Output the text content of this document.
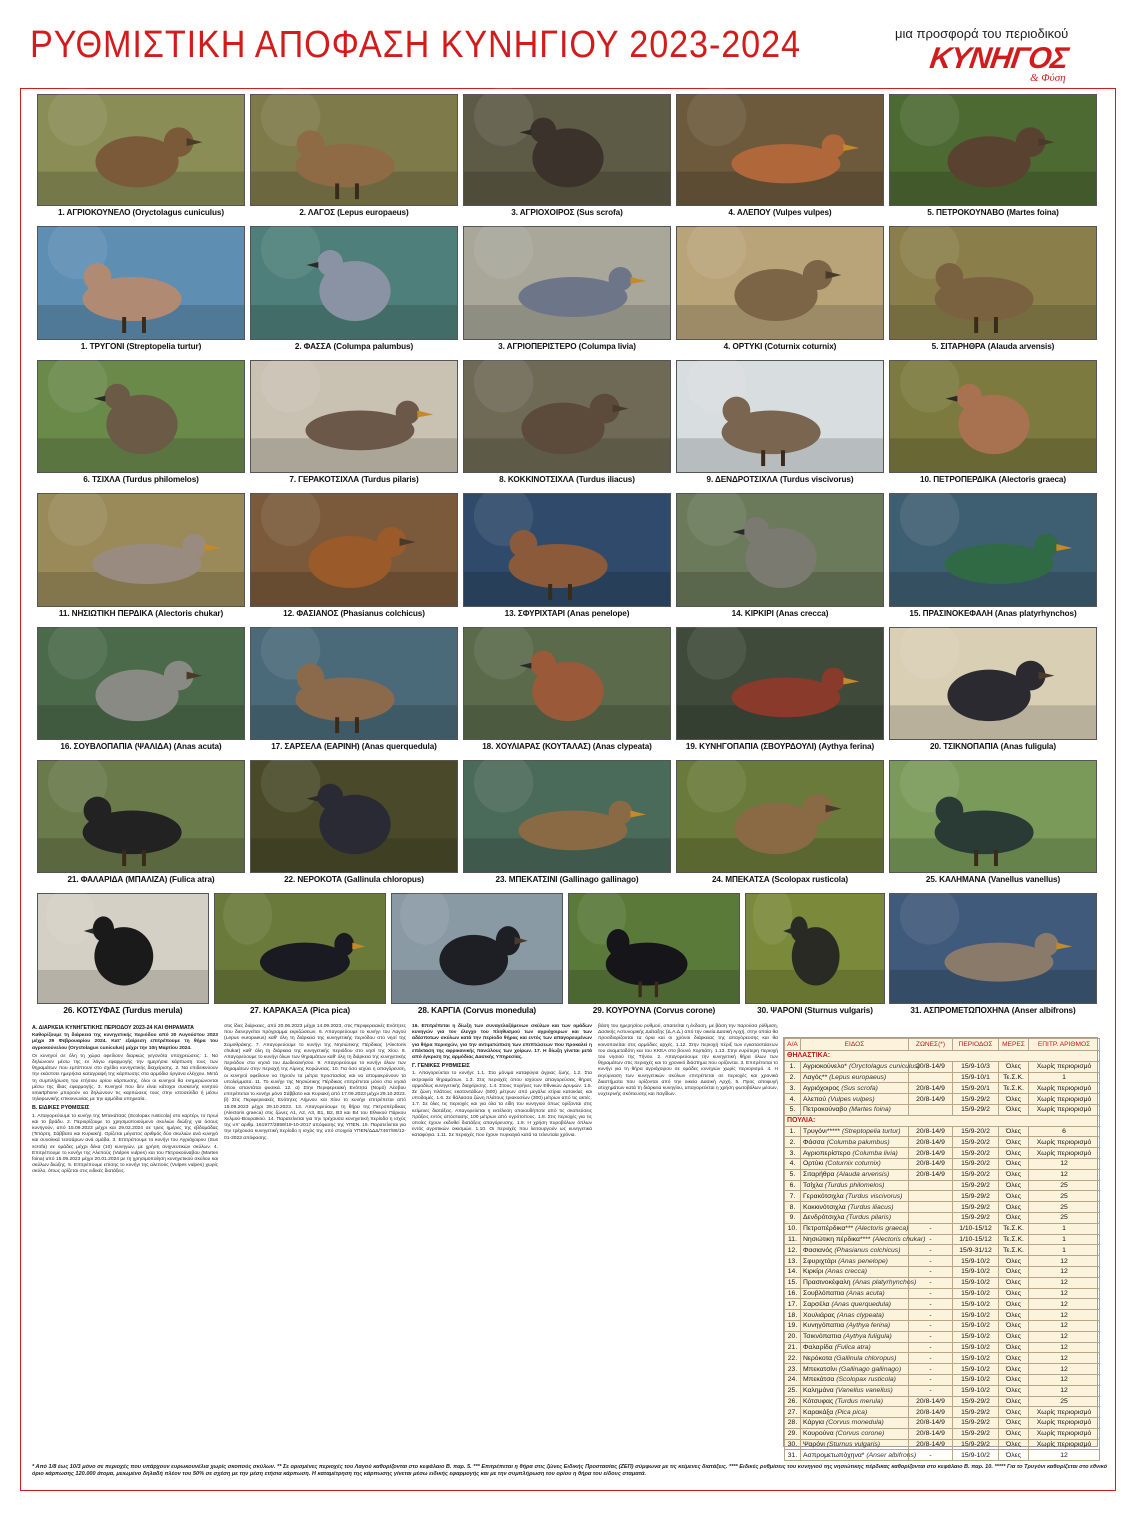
ΡΥΘΜΙΣΤΙΚΗ ΑΠΟΦΑΣΗ ΚΥΝΗΓΙΟΥ 2023-2024	μια προσφορά του περιοδικού
ΚΥΝΗΓΟΣ
& Φύση
1. ΑΓΡΙΟΚΟΥΝΕΛΟ (Oryctolagus cuniculus)	2. ΛΑΓΟΣ (Lepus europaeus)	3. ΑΓΡΙΟΧΟΙΡΟΣ (Sus scrofa)	4. ΑΛΕΠΟΥ (Vulpes vulpes)	5. ΠΕΤΡΟΚΟΥΝΑΒΟ (Martes foina)
1. ΤΡΥΓΟΝΙ (Streptopelia turtur)	2. ΦΑΣΣΑ (Columpa palumbus)	3. ΑΓΡΙΟΠΕΡΙΣΤΕΡΟ (Columpa livia)	4. ΟΡΤΥΚΙ (Coturnix coturnix)	5. ΣΙΤΑΡΗΘΡΑ (Alauda arvensis)
6. ΤΣΙΧΛΑ (Turdus philomelos)	7. ΓΕΡΑΚΟΤΣΙΧΛΑ (Turdus pilaris)	8. ΚΟΚΚΙΝΟΤΣΙΧΛΑ (Turdus iliacus)	9. ΔΕΝΔΡΟΤΣΙΧΛΑ (Turdus viscivorus)	10. ΠΕΤΡΟΠΕΡΔΙΚΑ (Alectoris graeca)
11. ΝΗΣΙΩΤΙΚΗ ΠΕΡΔΙΚΑ (Alectoris chukar)	12. ΦΑΣΙΑΝΟΣ (Phasianus colchicus)	13. ΣΦΥΡΙΧΤΑΡΙ (Anas penelope)	14. ΚΙΡΚΙΡΙ (Anas crecca)	15. ΠΡΑΣΙΝΟΚΕΦΑΛΗ (Anas platyrhynchos)
16. ΣΟΥΒΛΟΠΑΠΙΑ (ΨΑΛΙΔΑ) (Anas acuta)	17. ΣΑΡΣΕΛΑ (ΕΑΡΙΝΗ) (Anas querquedula)	18. ΧΟΥΛΙΑΡΑΣ (ΚΟΥΤΑΛΑΣ) (Anas clypeata)	19. ΚΥΝΗΓΟΠΑΠΙΑ (ΣΒΟΥΡΔΟΥΛΙ) (Aythya ferina)	20. ΤΣΙΚΝΟΠΑΠΙΑ (Anas fuligula)
21. ΦΑΛΑΡΙΔΑ (ΜΠΑΛΙΖΑ) (Fulica atra)	22. ΝΕΡΟΚΟΤΑ (Gallinula chloropus)	23. ΜΠΕΚΑΤΣΙΝΙ (Gallinago gallinago)	24. ΜΠΕΚΑΤΣΑ (Scolopax rusticola)	25. ΚΑΛΗΜΑΝΑ (Vanellus vanellus)
26. ΚΟΤΣΥΦΑΣ (Turdus merula)	27. ΚΑΡΑΚΑΞΑ (Pica pica)	28. ΚΑΡΓΙΑ (Corvus monedula)	29. ΚΟΥΡΟΥΝΑ (Corvus corone)	30. ΨΑΡΟΝΙ (Sturnus vulgaris)	31. ΑΣΠΡΟΜΕΤΩΠΟΧΗΝΑ (Anser albifrons)
Α. ΔΙΑΡΚΕΙΑ ΚΥΝΗΓΕΤΙΚΗΣ ΠΕΡΙΟΔΟΥ 2023-24 ΚΑΙ ΘΗΡΑΜΑΤΑ

Καθορίζουμε τη διάρκεια της κυνηγετικής περιόδου από 20 Αυγούστου 2023 μέχρι 29 Φεβρουαρίου 2024. Κατ' εξαίρεση επιτρέπουμε τη θήρα του αγριοκούνελου (Oryctolagus cuniculus) μέχρι την 10η Μαρτίου 2024.

Οι κυνηγοί σε όλη τη χώρα οφείλουν διαρκώς γεγονότα υποχρεώσεις: 1. Να δηλώνουν μέσω της εν λόγω εφαρμογής την ημερήσια κάρπωση τους των θηραμάτων που εμπίπτουν στο σχέδιο κυνηγετικής διαχείρισης. 2. Να επιδεικνύουν την εκάστοτε ημερήσια καταγραφή της κάρπωσης στα αρμόδια όργανα ελέγχου. Μετά τη συμπλήρωση του ετήσιου ορίου κάρπωσης, όλοι οι κυνηγοί θα ενημερώνονται μέσω της ίδιας εφαρμογής. 3. Κυνηγοί που δεν είναι κάτοχοι συσκευής κινητού smartphone μπορούν να δηλώνουν τις καρπώσεις τους στην ιστοσελίδα ή μέσω τηλεφωνικής επικοινωνίας με την αρμόδια υπηρεσία.

Β. ΕΙΔΙΚΕΣ ΡΥΘΜΙΣΕΙΣ

1. Απαγορεύουμε το κυνήγι της Μπεκάτσας (Scolopax rusticola) στο καρτέρι, το πρωί και το βράδυ. 2. Περιορίζουμε το χρησιμοποιούμενο σκυλιών διώξης για όσους κυνηγούν, από 15.09.2023 μέχρι και 29.02.2024 σε τρεις ημέρες της εβδομάδας (Τετάρτη, Σάββατο και Κυριακή). Ορίζεται μέγιστος αριθμός δύο σκυλιών ανά κυνηγό και συνολικά τεσσάρων ανά ομάδα. 3. Επιτρέπουμε το κυνήγι του Αγριόχοιρου (Sus scrofa) σε ομάδες μέχρι δέκα (10) κυνηγών, με χρήση ανιχνευτικών σκύλων. 4. Επιτρέπουμε το κυνήγι της Αλεπούς (Vulpes vulpes) και του Πετροκούναβου (Martes foina) από 15.09.2023 μέχρι 20.01.2024 με τη χρησιμοποίηση κυνηγετικού σκύλου και σκύλων διώξης. 5. Επιτρέπουμε επίσης το κυνήγι της αλεπούς (Vulpes vulpes) χωρίς σκύλο, όπως ορίζεται στις ειδικές διατάξεις.

στις ίδιες διάρκειες, από 20.06.2023 μέχρι 14.09.2023, στις Περιφερειακές Ενότητες που διενεργείται πρόγραμμα εκριζώσεων. 6. Απαγορεύουμε το κυνήγι του Λαγού (Lepus europaeus) καθ' όλη τη διάρκεια της κυνηγετικής περιόδου στο νησί της Σαμοθράκης. 7. Απαγορεύουμε το κυνήγι της Νησιώτικης Πέρδικας (Alectoris chukar) καθ' όλη τη διάρκεια της κυνηγετικής περιόδου στο νησί της Χίου. 8. Απαγορεύουμε το κυνήγι όλων των θηραμάτων καθ' όλη τη διάρκεια της κυνηγετικής περιόδου στα νησιά του Δωδεκανήσου. 9. Απαγορεύουμε το κυνήγι όλων των θηραμάτων στην περιοχή της Λίμνης Κορώνειας. 10. Για όσο ισχύει η απαγόρευση, οι κυνηγοί οφείλουν να τηρούν τα μέτρα προστασίας και να απομακρύνουν τα υπολείμματα. 11. Το κυνήγι της Νησιώτικης Πέρδικας επιτρέπεται μόνο στα νησιά όπου απαντάται φυσικά. 12. α) Στην Περιφερειακή Ενότητα (Νομό) Λέσβου επιτρέπεται το κυνήγι μόνο Σάββατο και Κυριακή από 17.09.2023 μέχρι 29.10.2023. β) Στις Περιφερειακές Ενότητες Λήμνου και Χίου το κυνήγι επιτρέπεται από 15.09.2023 μέχρι 29.10.2023. 13. Απαγορεύουμε τη θήρα της Πετροπέρδικας (Alectoris graeca) στις ζώνες Α1, Α2, Α3, Β1, Β2, Β3 και Β4 του Εθνικού Πάρκου Χελμού-Βουραϊκού. 14. Παρατείνεται για την τρέχουσα κυνηγετική περίοδο η ισχύς της υπ' αριθμ. 161977/2659/19-10-2017 απόφασης της ΥΠΕΝ. 15. Παρατείνεται για την τρέχουσα κυνηγετική περίοδο η ισχύς της υπό στοιχεία ΥΠΕΝ/ΔΔΔ/7467/86/12-01-2022 απόφασης.

16. Επιτρέπεται η δίωξη των συναγελαζόμενων σκύλων και των ομάδων κυνηγών για τον έλεγχο του πληθυσμού των αγριόχοιρων και των αδέσποτων σκύλων κατά την περίοδο θήρας και εντός των απαγορευμένων για θήρα περιοχών, για την αντιμετώπιση των επιπτώσεων που προκαλεί η επέκταση της αφρικανικής πανώλους των χοίρων. 17. Η δίωξη γίνεται μετά από έγκριση της αρμόδιας Δασικής Υπηρεσίας.

Γ. ΓΕΝΙΚΕΣ ΡΥΘΜΙΣΕΙΣ

1. Απαγορεύεται το κυνήγι: 1.1. Στα μόνιμα καταφύγια άγριας ζωής. 1.2. Στα εκτροφεία θηραμάτων. 1.3. Στις περιοχές όπου ισχύουν απαγορεύσεις θήρας αρμοδίως κυνηγετικής διαχείρισης. 1.4. Στους πυρήνες των Εθνικών Δρυμών. 1.5. Σε ζώνη πλάτους εκατοντάδων (500) μέτρων από μεγάλα κτίρια κατοικίας και υποδομές. 1.6. Σε θάλασσα ζώνη πλάτους τριακοσίων (300) μέτρων από τις ακτές. 1.7. Σε όλες τις περιοχές και για όλα τα είδη του κυνηγιού όπως ορίζονται στις κείμενες διατάξεις. Απαγορεύεται η εκτέλεση οποιουδήποτε από τις σκοπεύσεις πράξεις εντός απόστασης 100 μέτρων από υγρότοπους. 1.8. Στις περιοχές για τις οποίες έχουν εκδοθεί διατάξεις απαγόρευσης. 1.9. Η χρήση πυροβόλων όπλων εντός αγροτικών οικισμών. 1.10. Οι περιοχές που λειτουργούν ως κυνηγετικά καταφύγια. 1.11. Σε περιοχές που έχουν πυρκαγιά κατά τα τελευταία χρόνια.

βάση του ημερησίου ρυθμού, απαιτείται η έκδοση, με βάση την παρούσα ρύθμιση, Δασικής Αστυνομικής Διάταξης (Δ.Α.Δ.) από την οικεία Δασική Αρχή, στην οποία θα προσδιορίζονται τα όρια και οι χρόνοι διάρκειας της απαγόρευσης και θα κοινοποιείται στις αρμόδιες αρχές. 1.12. Στην περιοχή πέριξ των εγκαταστάσεων του αναμεταδότη και του ΚΚΕΑ στο βουνό Χορτιάτη. 1.13. Στην ευρύτερη περιοχή του νησιού της Τήνου. 2. Απαγορεύουμε την κυνηγετική θήρα όλων των θηραμάτων στις περιοχές και το χρονικό διάστημα που ορίζονται. 3. Επιτρέπεται το κυνήγι για τη θήρα αγριόχοιρου σε ομάδες κυνηγών χωρίς περιορισμό. 4. Η εκγύμναση των κυνηγετικών σκύλων επιτρέπεται σε περιοχές και χρονικά διαστήματα που ορίζονται από την οικεία Δασική Αρχή. 5. Προς αποφυγή ατυχημάτων κατά τη διάρκεια κυνηγίου, απαγορεύεται η χρήση φωτοβόλων μέσων, νυχτερινής σκόπευσης και παγίδων.

Α/Α	ΕΙΔΟΣ	ΖΩΝΕΣ(*)	ΠΕΡΙΟΔΟΣ	ΜΕΡΕΣ	ΕΠΙΤΡ. ΑΡΙΘΜΟΣ
ΘΗΛΑΣΤΙΚΑ:					
1.	Αγριοκούνελο* (Oryctolagus cuniculus)	20/8-14/9	15/9-10/3	Όλες	Χωρίς περιορισμό
2.	Λαγός** (Lepus europaeus)		15/9-10/1	Τε.Σ.Κ.	1
3.	Αγριόχοιρος (Sus scrofa)	20/8-14/9	15/9-20/1	Τε.Σ.Κ.	Χωρίς περιορισμό
4.	Αλεπού (Vulpes vulpes)	20/8-14/9	15/9-29/2	Όλες	Χωρίς περιορισμό
5.	Πετροκούναβο (Martes foina)		15/9-29/2	Όλες	Χωρίς περιορισμό
ΠΟΥΛΙΑ:					
1.	Τρυγόνι***** (Streptopelia turtur)	20/8-14/9	15/9-20/2	Όλες	6
2.	Φάσσα (Columba palumbus)	20/8-14/9	15/9-20/2	Όλες	Χωρίς περιορισμό
3.	Αγριοπερίστερο (Columba livia)	20/8-14/9	15/9-20/2	Όλες	Χωρίς περιορισμό
4.	Ορτύκι (Coturnix coturnix)	20/8-14/9	15/9-20/2	Όλες	12
5.	Σιταρήθρα (Alauda arvensis)	20/8-14/9	15/9-20/2	Όλες	12
6.	Τσίχλα (Turdus philomelos)		15/9-29/2	Όλες	25
7.	Γερακότσιχλα (Turdus viscivorus)		15/9-29/2	Όλες	25
8.	Κοκκινότσιχλα (Turdus iliacus)		15/9-29/2	Όλες	25
9.	Δενδρότσιχλα (Turdus pilaris)		15/9-29/2	Όλες	25
10.	Πετροπέρδικα*** (Alectoris graeca)	-	1/10-15/12	Τε.Σ.Κ.	1
11.	Νησιώτικη πέρδικα**** (Alectoris chukar)	-	1/10-15/12	Τε.Σ.Κ.	1
12.	Φασιανός (Phasianus colchicus)	-	15/9-31/12	Τε.Σ.Κ.	1
13.	Σφυριχτάρι (Anas penelope)	-	15/9-10/2	Όλες	12
14.	Κιρκίρι (Anas crecca)	-	15/9-10/2	Όλες	12
15.	Πρασινοκέφαλη (Anas platyrhynchos)	-	15/9-10/2	Όλες	12
16.	Σουβλόπαπια (Anas acuta)	-	15/9-10/2	Όλες	12
17.	Σαρσέλα (Anas querquedula)	-	15/9-10/2	Όλες	12
18.	Χουλιάρας (Anas clypeata)	-	15/9-10/2	Όλες	12
19.	Κυνηγόπαπια (Aythya ferina)	-	15/9-10/2	Όλες	12
20.	Τσικνόπαπια (Aythya fuligula)	-	15/9-10/2	Όλες	12
21.	Φαλαρίδα (Fulica atra)	-	15/9-10/2	Όλες	12
22.	Νερόκοτα (Gallinula chloropus)	-	15/9-10/2	Όλες	12
23.	Μπεκατσίνι (Gallinago gallinago)	-	15/9-10/2	Όλες	12
24.	Μπεκάτσα (Scolopax rusticola)	-	15/9-10/2	Όλες	12
25.	Καλημάνα (Vanellus vanellus)	-	15/9-10/2	Όλες	12
26.	Κότσυφας (Turdus merula)	20/8-14/9	15/9-29/2	Όλες	25
27.	Καρακάξα (Pica pica)	20/8-14/9	15/9-29/2	Όλες	Χωρίς περιορισμό
28.	Κάργια (Corvus monedula)	20/8-14/9	15/9-29/2	Όλες	Χωρίς περιορισμό
29.	Κουρούνα (Corvus corone)	20/8-14/9	15/9-29/2	Όλες	Χωρίς περιορισμό
30.	Ψαρόνι (Sturnus vulgaris)	20/8-14/9	15/9-29/2	Όλες	Χωρίς περιορισμό
31.	Ασπρομετωπόχηνα* (Anser albifrons)	-	15/9-10/2	Όλες	12
* Από 1/8 έως 10/3 μόνο σε περιοχές που υπάρχουν ευρωκουνέλια χωρίς σκοπούς σκύλων. ** Σε ορισμένες περιοχές του Λαγού καθορίζονται στο κεφάλαιο Β. παρ. 5. *** Επιτρέπεται η θήρα στις ζώνες Ειδικής Προστασίας (ΖΕΠ) σύμφωνα με τις κείμενες διατάξεις. **** Ειδικές ρυθμίσεις του κυνηγιού της νησιώτικης πέρδικας καθορίζονται στο κεφάλαιο Β. παρ. 10. ***** Για το Τρυγόνι καθορίζεται στο εθνικό όριο κάρπωσης 120.000 άτομα, μειωμένο δηλαδή πλέον του 50% σε σχέση με την μέση ετήσια κάρπωση. Η καταμέτρηση της κάρπωσης γίνεται μέσω ειδικής εφαρμογής και με την συμπλήρωση του ορίου η θήρα του είδους σταματά.
